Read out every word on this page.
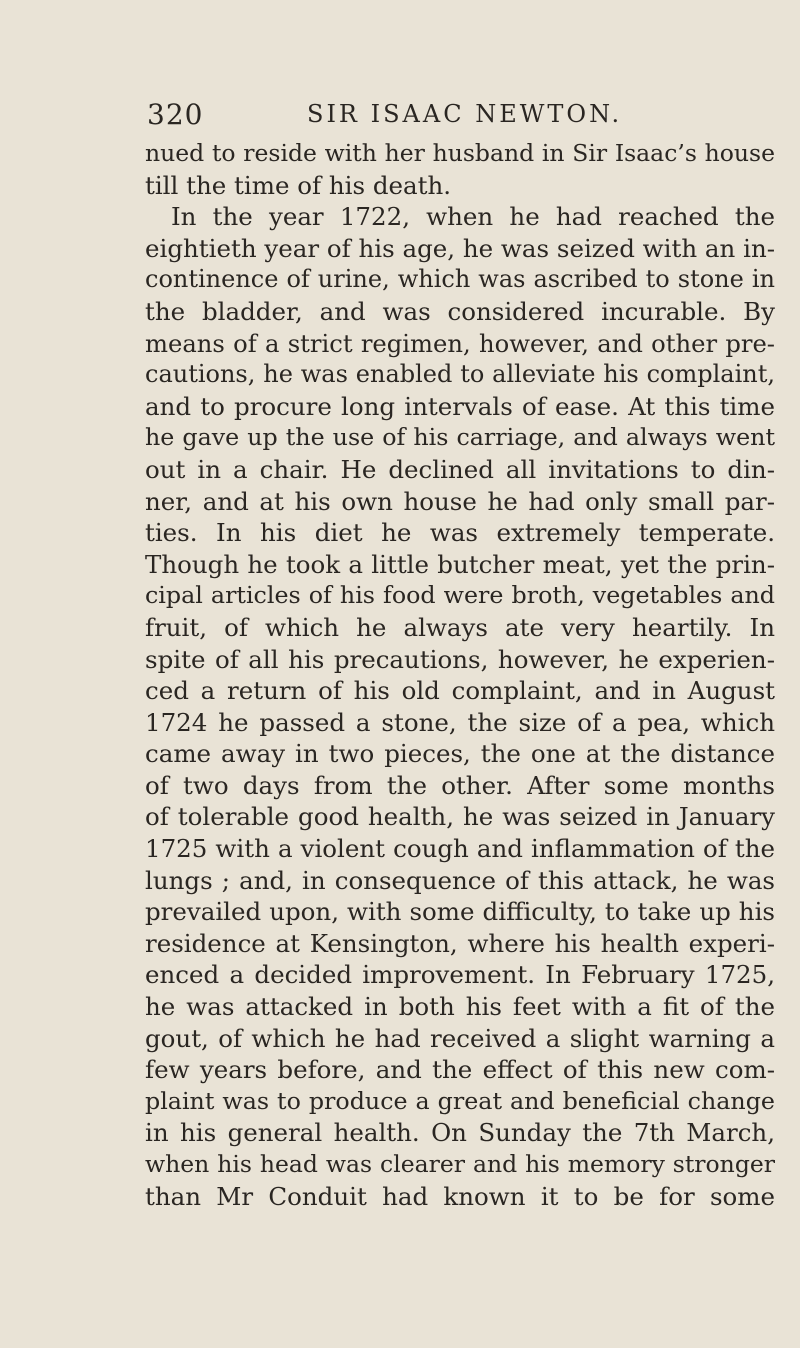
320	SIR ISAAC NEWTON.
nued to reside with her husband in Sir Isaac’s house
till the time of his death.
In the year 1722, when he had reached the
eightieth year of his age, he was seized with an in-
continence of urine, which was ascribed to stone in
the bladder, and was considered incurable. By
means of a strict regimen, however, and other pre-
cautions, he was enabled to alleviate his complaint,
and to procure long intervals of ease. At this time
he gave up the use of his carriage, and always went
out in a chair. He declined all invitations to din-
ner, and at his own house he had only small par-
ties. In his diet he was extremely temperate.
Though he took a little butcher meat, yet the prin-
cipal articles of his food were broth, vegetables and
fruit, of which he always ate very heartily. In
spite of all his precautions, however, he experien-
ced a return of his old complaint, and in August
1724 he passed a stone, the size of a pea, which
came away in two pieces, the one at the distance
of two days from the other. After some months
of tolerable good health, he was seized in January
1725 with a violent cough and inflammation of the
lungs ; and, in consequence of this attack, he was
prevailed upon, with some difficulty, to take up his
residence at Kensington, where his health experi-
enced a decided improvement. In February 1725,
he was attacked in both his feet with a fit of the
gout, of which he had received a slight warning a
few years before, and the effect of this new com-
plaint was to produce a great and beneficial change
in his general health. On Sunday the 7th March,
when his head was clearer and his memory stronger
than Mr Conduit had known it to be for some
